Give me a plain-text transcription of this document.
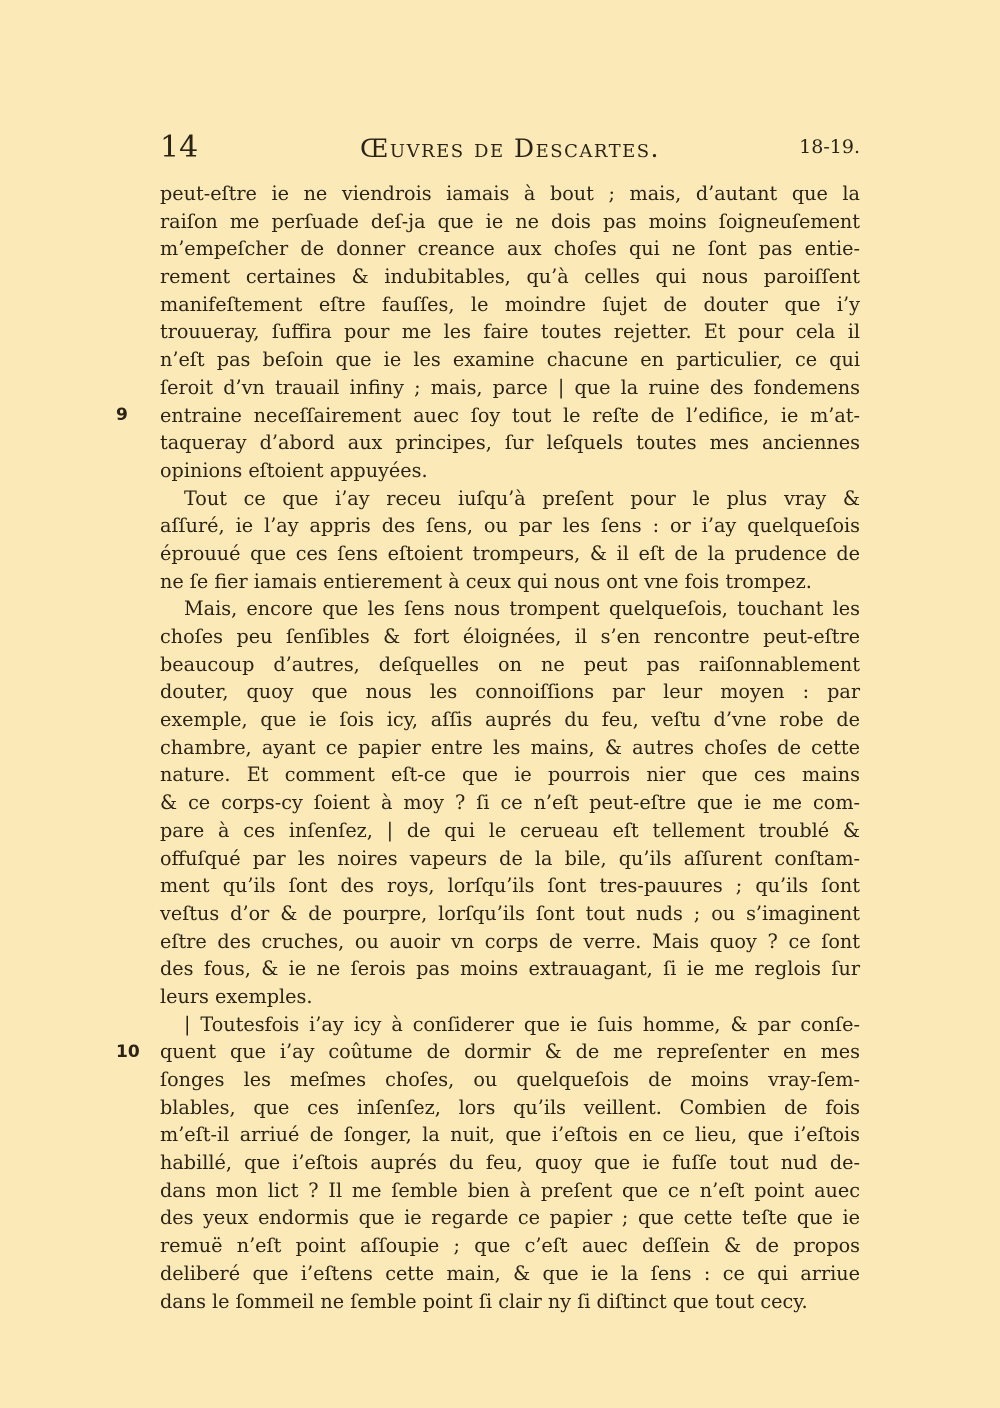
14	Œuvres de Descartes.	18-19.
peut-eſtre ie ne viendrois iamais à bout ; mais, d’autant que la
raiſon me perſuade deſ-ja que ie ne dois pas moins ſoigneuſement
m’empeſcher de donner creance aux choſes qui ne ſont pas entie-
rement certaines & indubitables, qu’à celles qui nous paroiſſent
manifeſtement eſtre fauſſes, le moindre ſujet de douter que i’y
trouueray, ſuffira pour me les faire toutes rejetter. Et pour cela il
n’eſt pas beſoin que ie les examine chacune en particulier, ce qui
ſeroit d’vn trauail infiny ; mais, parce | que la ruine des fondemens
entraine neceſſairement auec ſoy tout le reſte de l’edifice, ie m’at-
taqueray d’abord aux principes, ſur leſquels toutes mes anciennes
opinions eſtoient appuyées.
Tout ce que i’ay receu iuſqu’à preſent pour le plus vray &
aſſuré, ie l’ay appris des ſens, ou par les ſens : or i’ay quelqueſois
éprouué que ces ſens eſtoient trompeurs, & il eſt de la prudence de
ne ſe fier iamais entierement à ceux qui nous ont vne fois trompez.
Mais, encore que les ſens nous trompent quelqueſois, touchant les
choſes peu ſenſibles & fort éloignées, il s’en rencontre peut-eſtre
beaucoup d’autres, deſquelles on ne peut pas raiſonnablement
douter, quoy que nous les connoiſſions par leur moyen : par
exemple, que ie ſois icy, aſſis auprés du feu, veſtu d’vne robe de
chambre, ayant ce papier entre les mains, & autres choſes de cette
nature. Et comment eſt-ce que ie pourrois nier que ces mains
& ce corps-cy ſoient à moy ? ſi ce n’eſt peut-eſtre que ie me com-
pare à ces inſenſez, | de qui le cerueau eſt tellement troublé &
offuſqué par les noires vapeurs de la bile, qu’ils aſſurent conſtam-
ment qu’ils ſont des roys, lorſqu’ils ſont tres-pauures ; qu’ils ſont
veſtus d’or & de pourpre, lorſqu’ils ſont tout nuds ; ou s’imaginent
eſtre des cruches, ou auoir vn corps de verre. Mais quoy ? ce ſont
des fous, & ie ne ſerois pas moins extrauagant, ſi ie me reglois ſur
leurs exemples.
| Toutesfois i’ay icy à conſiderer que ie ſuis homme, & par conſe-
quent que i’ay coûtume de dormir & de me repreſenter en mes
ſonges les meſmes choſes, ou quelqueſois de moins vray-ſem-
blables, que ces inſenſez, lors qu’ils veillent. Combien de fois
m’eſt-il arriué de ſonger, la nuit, que i’eſtois en ce lieu, que i’eſtois
habillé, que i’eſtois auprés du feu, quoy que ie fuſſe tout nud de-
dans mon lict ? Il me ſemble bien à preſent que ce n’eſt point auec
des yeux endormis que ie regarde ce papier ; que cette teſte que ie
remuë n’eſt point aſſoupie ; que c’eſt auec deſſein & de propos
deliberé que i’eſtens cette main, & que ie la ſens : ce qui arriue
dans le ſommeil ne ſemble point ſi clair ny ſi diſtinct que tout cecy.
9
10
